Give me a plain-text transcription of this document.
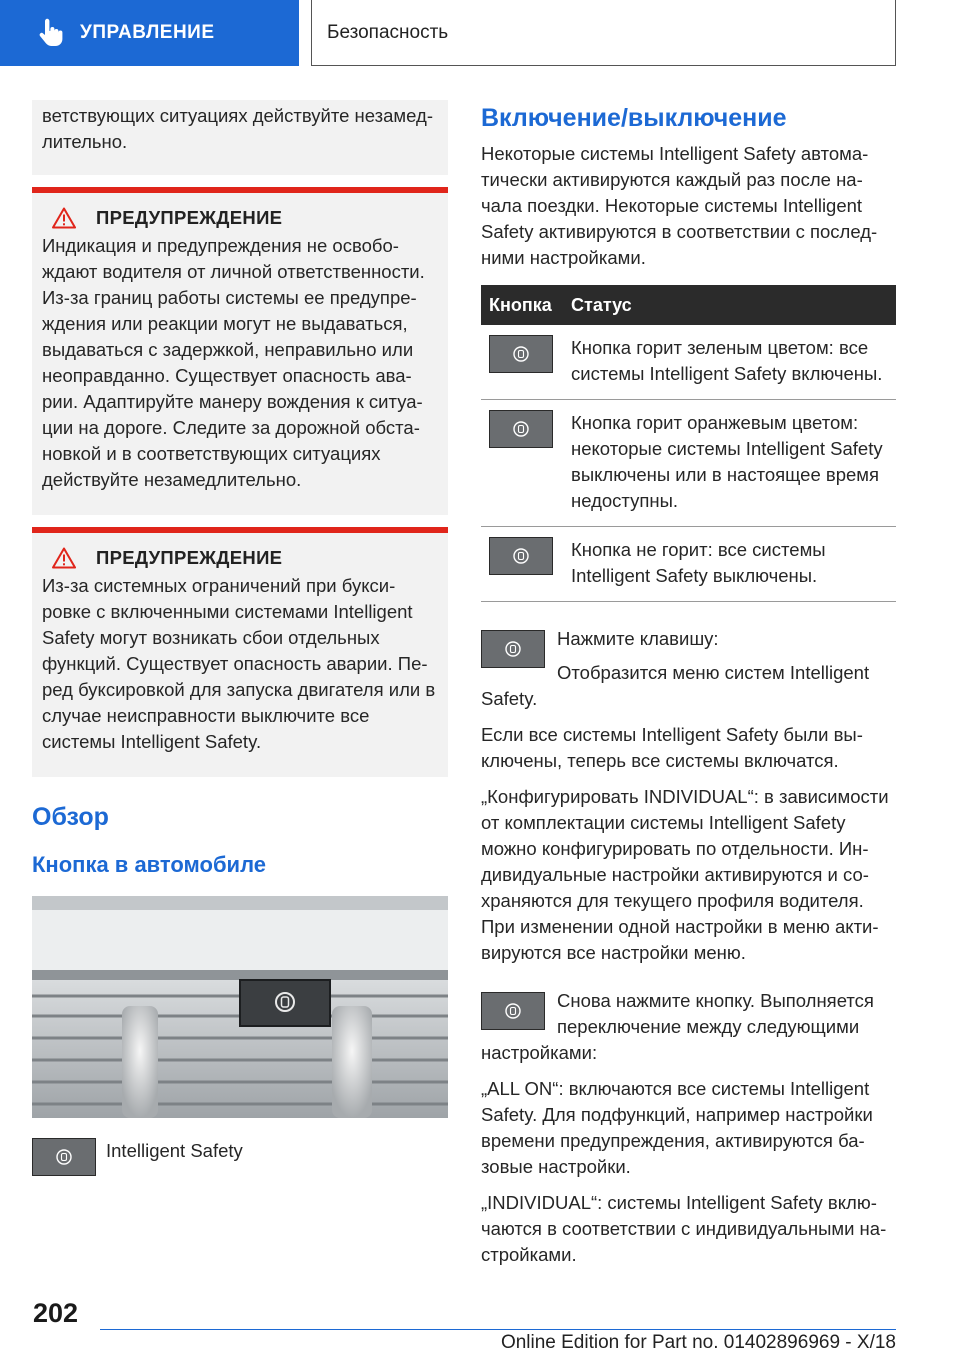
УПРАВЛЕНИЕ	Безопасность

ветствующих ситуациях действуйте незамедлительно.

ПРЕДУПРЕЖДЕНИЕ

Индикация и предупреждения не освобождают водителя от личной ответственности. Из-за границ работы системы ее предупреждения или реакции могут не выдаваться, выдаваться с задержкой, неправильно или неоправданно. Существует опасность аварии. Адаптируйте манеру вождения к ситуации на дороге. Следите за дорожной обстановкой и в соответствующих ситуациях действуйте незамедлительно.

ПРЕДУПРЕЖДЕНИЕ

Из-за системных ограничений при буксировке с включенными системами Intelligent Safety могут возникать сбои отдельных функций. Существует опасность аварии. Перед буксировкой для запуска двигателя или в случае неисправности выключите все системы Intelligent Safety.

Обзор
Кнопка в автомобиле
Intelligent Safety
Включение/выключение

Некоторые системы Intelligent Safety автоматически активируются каждый раз после начала поездки. Некоторые системы Intelligent Safety активируются в соответствии с последними настройками.

Кнопка	Статус

	Кнопка горит зеленым цветом: все системы Intelligent Safety включены.

	Кнопка горит оранжевым цветом: некоторые системы Intelligent Safety выключены или в настоящее время недоступны.

	Кнопка не горит: все системы Intelligent Safety выключены.

Нажмите клавишу:

Отобразится меню систем Intelligent Safety.

Если все системы Intelligent Safety были выключены, теперь все системы включатся.

„Конфигурировать INDIVIDUAL“: в зависимости от комплектации системы Intelligent Safety можно конфигурировать по отдельности. Индивидуальные настройки активируются и сохраняются для текущего профиля водителя. При изменении одной настройки в меню активируются все настройки меню.

Снова нажмите кнопку. Выполняется переключение между следующими настройками:

„ALL ON“: включаются все системы Intelligent Safety. Для подфункций, например настройки времени предупреждения, активируются базовые настройки.

„INDIVIDUAL“: системы Intelligent Safety включаются в соответствии с индивидуальными настройками.

202
Online Edition for Part no. 01402896969 - X/18
